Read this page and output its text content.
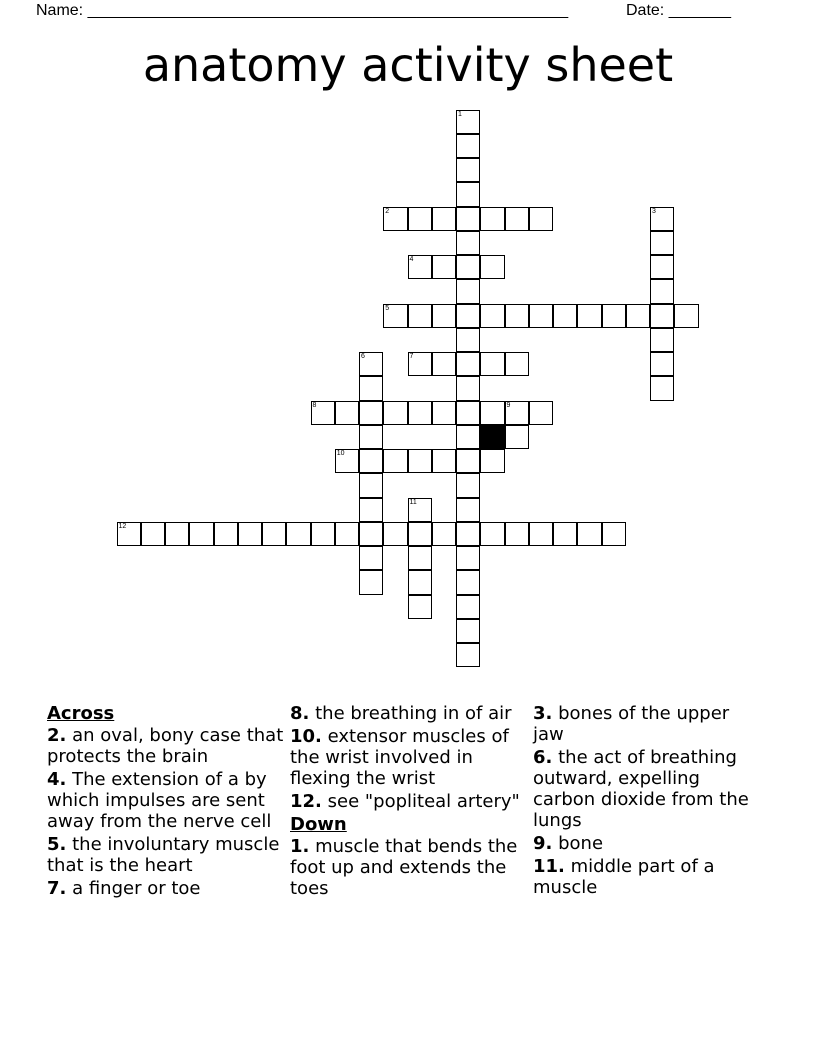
Name: ______________________________________________________	Date: _______
anatomy activity sheet
1
2	3
4
5
6	7
8	9
10
11
12
Across
2. an oval, bony case that protects the brain
4. The extension of a by which impulses are sent away from the nerve cell
5. the involuntary muscle that is the heart
7. a finger or toe
8. the breathing in of air
10. extensor muscles of the wrist involved in flexing the wrist
12. see "popliteal artery"
Down
1. muscle that bends the foot up and extends the toes
3. bones of the upper jaw
6. the act of breathing outward, expelling carbon dioxide from the lungs
9. bone
11. middle part of a muscle
